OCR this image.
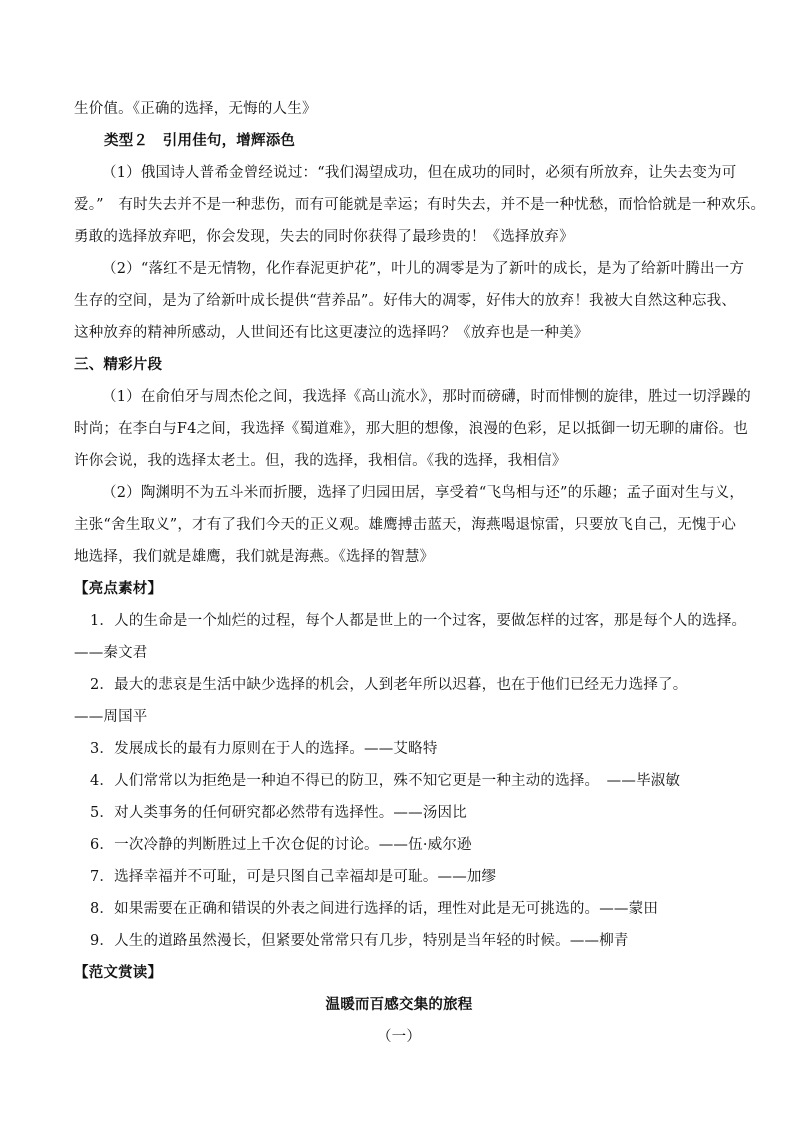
生价值。《正确的选择，无悔的人生》
类型２　引用佳句，增辉添色
（1）俄国诗人普希金曾经说过：“我们渴望成功，但在成功的同时，必须有所放弃，让失去变为可
爱。”　有时失去并不是一种悲伤，而有可能就是幸运；有时失去，并不是一种忧愁，而恰恰就是一种欢乐。
勇敢的选择放弃吧，你会发现，失去的同时你获得了最珍贵的！《选择放弃》
（2）“落红不是无情物，化作春泥更护花”，叶儿的凋零是为了新叶的成长，是为了给新叶腾出一方
生存的空间，是为了给新叶成长提供“营养品”。好伟大的凋零，好伟大的放弃！我被大自然这种忘我、
这种放弃的精神所感动，人世间还有比这更凄泣的选择吗？《放弃也是一种美》
三、精彩片段
（1）在俞伯牙与周杰伦之间，我选择《高山流水》，那时而磅礴，时而悱恻的旋律，胜过一切浮躁的
时尚；在李白与F4之间，我选择《蜀道难》，那大胆的想像，浪漫的色彩，足以抵御一切无聊的庸俗。也
许你会说，我的选择太老土。但，我的选择，我相信。《我的选择，我相信》
（2）陶渊明不为五斗米而折腰，选择了归园田居，享受着“飞鸟相与还”的乐趣；孟子面对生与义，
主张“舍生取义”，才有了我们今天的正义观。雄鹰搏击蓝天，海燕喝退惊雷，只要放飞自己，无愧于心
地选择，我们就是雄鹰，我们就是海燕。《选择的智慧》
【亮点素材】
1．人的生命是一个灿烂的过程，每个人都是世上的一个过客，要做怎样的过客，那是每个人的选择。
——秦文君
2．最大的悲哀是生活中缺少选择的机会，人到老年所以迟暮，也在于他们已经无力选择了。
——周国平
3．发展成长的最有力原则在于人的选择。——艾略特
4．人们常常以为拒绝是一种迫不得已的防卫，殊不知它更是一种主动的选择。　——毕淑敏
5．对人类事务的任何研究都必然带有选择性。——汤因比
6．一次冷静的判断胜过上千次仓促的讨论。——伍·威尔逊
7．选择幸福并不可耻，可是只图自己幸福却是可耻。——加缪
8．如果需要在正确和错误的外表之间进行选择的话，理性对此是无可挑选的。——蒙田
9．人生的道路虽然漫长，但紧要处常常只有几步，特别是当年轻的时候。——柳青
【范文赏读】
温暖而百感交集的旅程
（一）
